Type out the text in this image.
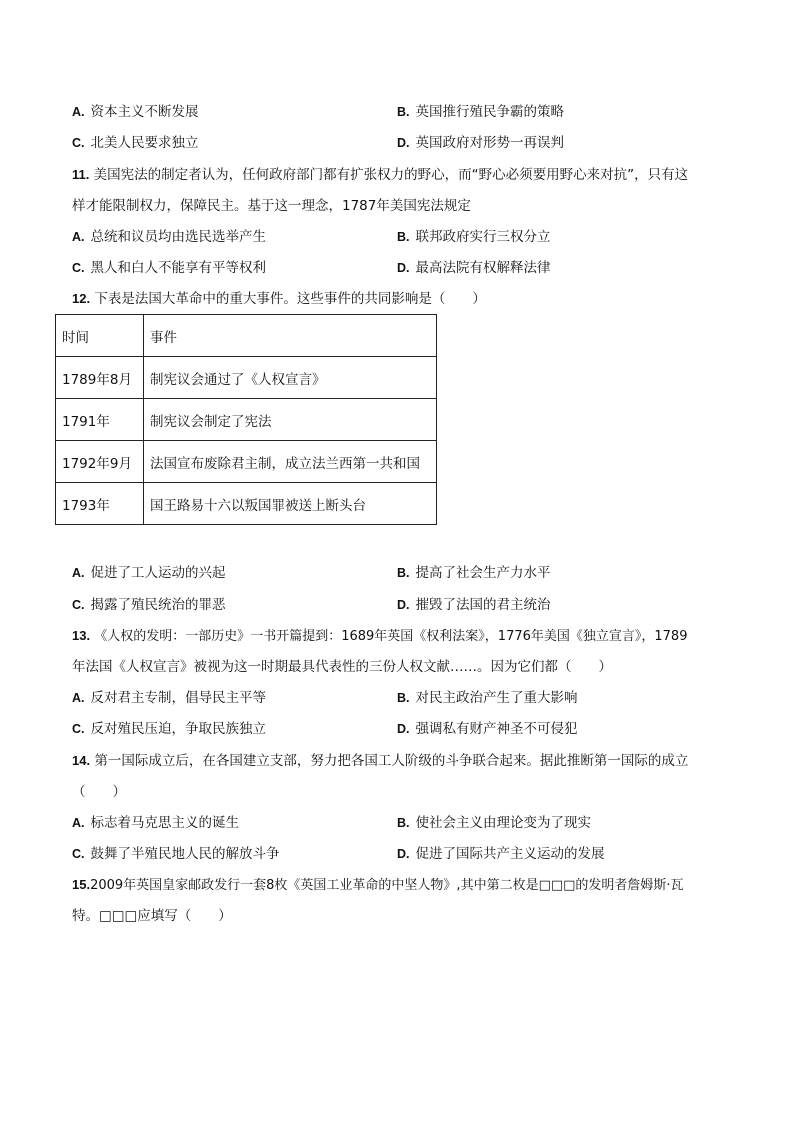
A. 资本主义不断发展	B. 英国推行殖民争霸的策略
C. 北美人民要求独立	D. 英国政府对形势一再误判
11. 美国宪法的制定者认为，任何政府部门都有扩张权力的野心，而“野心必须要用野心来对抗”，只有这
样才能限制权力，保障民主。基于这一理念，1787年美国宪法规定
A. 总统和议员均由选民选举产生	B. 联邦政府实行三权分立
C. 黑人和白人不能享有平等权利	D. 最高法院有权解释法律
12. 下表是法国大革命中的重大事件。这些事件的共同影响是（　　）
时间	事件
1789年8月	制宪议会通过了《人权宣言》
1791年	制宪议会制定了宪法
1792年9月	法国宣布废除君主制，成立法兰西第一共和国
1793年	国王路易十六以叛国罪被送上断头台
A. 促进了工人运动的兴起	B. 提高了社会生产力水平
C. 揭露了殖民统治的罪恶	D. 摧毁了法国的君主统治
13. 《人权的发明：一部历史》一书开篇提到：1689年英国《权利法案》，1776年美国《独立宣言》，1789
年法国《人权宣言》被视为这一时期最具代表性的三份人权文献……。因为它们都（　　）
A. 反对君主专制，倡导民主平等	B. 对民主政治产生了重大影响
C. 反对殖民压迫，争取民族独立	D. 强调私有财产神圣不可侵犯
14. 第一国际成立后，在各国建立支部，努力把各国工人阶级的斗争联合起来。据此推断第一国际的成立
（　　）
A. 标志着马克思主义的诞生	B. 使社会主义由理论变为了现实
C. 鼓舞了半殖民地人民的解放斗争	D. 促进了国际共产主义运动的发展
15.2009年英国皇家邮政发行一套8枚《英国工业革命的中坚人物》,其中第二枚是□□□的发明者詹姆斯·瓦
特。□□□应填写（　　）
